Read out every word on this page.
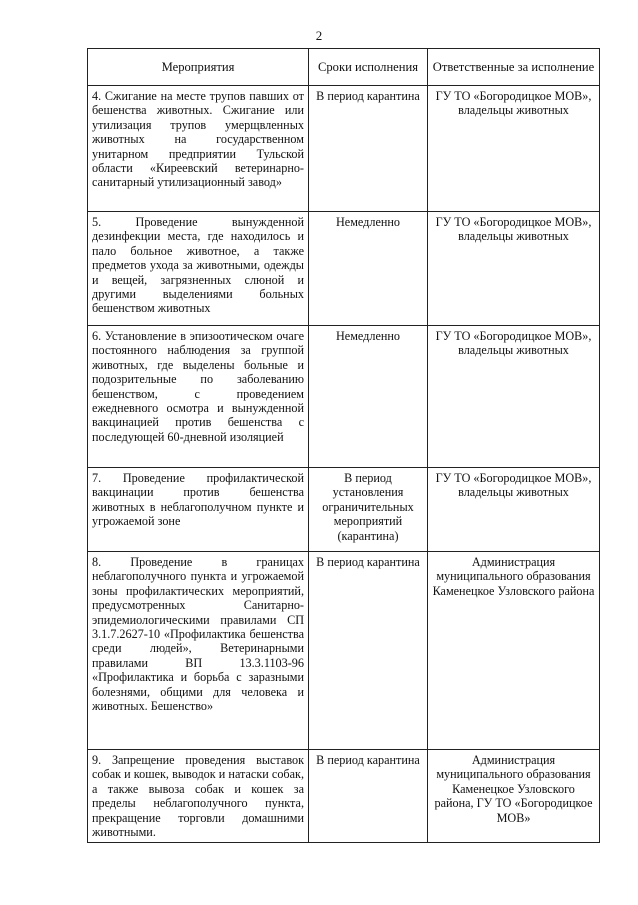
2
Мероприятия	Сроки исполнения	Ответственные за исполнение
4. Сжигание на месте трупов павших от бешенства животных. Сжигание или утилизация трупов умерщвленных животных на государственном унитарном предприятии Тульской области «Киреевский ветеринарно-санитарный утилизационный завод»	В период карантина	ГУ ТО «Богородицкое МОВ», владельцы животных
5. Проведение вынужденной дезинфекции места, где находилось и пало больное животное, а также предметов ухода за животными, одежды и вещей, загрязненных слюной и другими выделениями больных бешенством животных	Немедленно	ГУ ТО «Богородицкое МОВ», владельцы животных
6. Установление в эпизоотическом очаге постоянного наблюдения за группой животных, где выделены больные и подозрительные по заболеванию бешенством, с проведением ежедневного осмотра и вынужденной вакцинацией против бешенства с последующей 60-дневной изоляцией	Немедленно	ГУ ТО «Богородицкое МОВ», владельцы животных
7. Проведение профилактической вакцинации против бешенства животных в неблагополучном пункте и угрожаемой зоне	В период установления ограничительных мероприятий (карантина)	ГУ ТО «Богородицкое МОВ», владельцы животных
8. Проведение в границах неблагополучного пункта и угрожаемой зоны профилактических мероприятий, предусмотренных Санитарно-эпидемиологическими правилами СП 3.1.7.2627-10 «Профилактика бешенства среди людей», Ветеринарными правилами ВП 13.3.1103-96 «Профилактика и борьба с заразными болезнями, общими для человека и животных. Бешенство»	В период карантина	Администрация муниципального образования Каменецкое Узловского района
9. Запрещение проведения выставок собак и кошек, выводок и натаски собак, а также вывоза собак и кошек за пределы неблагополучного пункта, прекращение торговли домашними животными.	В период карантина	Администрация муниципального образования Каменецкое Узловского района, ГУ ТО «Богородицкое МОВ»
